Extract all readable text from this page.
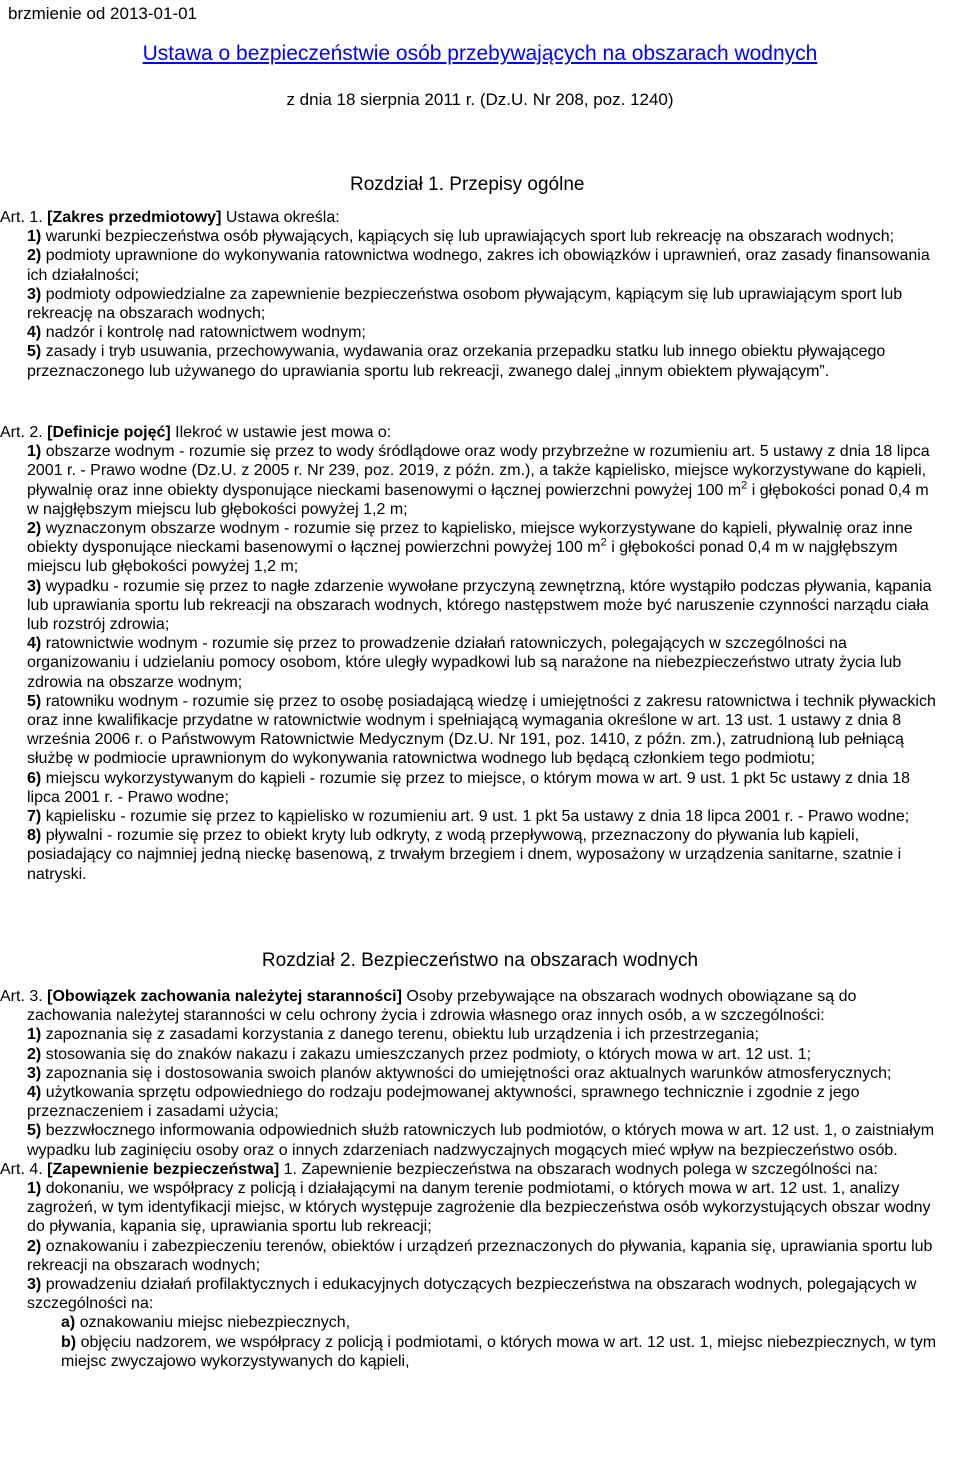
brzmienie od 2013-01-01
Ustawa o bezpieczeństwie osób przebywających na obszarach wodnych
z dnia 18 sierpnia 2011 r. (Dz.U. Nr 208, poz. 1240)
Rozdział 1. Przepisy ogólne

Art. 1. [Zakres przedmiotowy] Ustawa określa:

1) warunki bezpieczeństwa osób pływających, kąpiących się lub uprawiających sport lub rekreację na obszarach wodnych;

2) podmioty uprawnione do wykonywania ratownictwa wodnego, zakres ich obowiązków i uprawnień, oraz zasady finansowania ich działalności;

3) podmioty odpowiedzialne za zapewnienie bezpieczeństwa osobom pływającym, kąpiącym się lub uprawiającym sport lub rekreację na obszarach wodnych;

4) nadzór i kontrolę nad ratownictwem wodnym;

5) zasady i tryb usuwania, przechowywania, wydawania oraz orzekania przepadku statku lub innego obiektu pływającego przeznaczonego lub używanego do uprawiania sportu lub rekreacji, zwanego dalej „innym obiektem pływającym”.

Art. 2. [Definicje pojęć] Ilekroć w ustawie jest mowa o:

1) obszarze wodnym - rozumie się przez to wody śródlądowe oraz wody przybrzeżne w rozumieniu art. 5 ustawy z dnia 18 lipca 2001 r. - Prawo wodne (Dz.U. z 2005 r. Nr 239, poz. 2019, z późn. zm.), a także kąpielisko, miejsce wykorzystywane do kąpieli, pływalnię oraz inne obiekty dysponujące nieckami basenowymi o łącznej powierzchni powyżej 100 $m^2$ i głębokości ponad 0,4 m w najgłębszym miejscu lub głębokości powyżej 1,2 m;

2) wyznaczonym obszarze wodnym - rozumie się przez to kąpielisko, miejsce wykorzystywane do kąpieli, pływalnię oraz inne obiekty dysponujące nieckami basenowymi o łącznej powierzchni powyżej 100 $m^2$ i głębokości ponad 0,4 m w najgłębszym miejscu lub głębokości powyżej 1,2 m;

3) wypadku - rozumie się przez to nagłe zdarzenie wywołane przyczyną zewnętrzną, które wystąpiło podczas pływania, kąpania lub uprawiania sportu lub rekreacji na obszarach wodnych, którego następstwem może być naruszenie czynności narządu ciała lub rozstrój zdrowia;

4) ratownictwie wodnym - rozumie się przez to prowadzenie działań ratowniczych, polegających w szczególności na organizowaniu i udzielaniu pomocy osobom, które uległy wypadkowi lub są narażone na niebezpieczeństwo utraty życia lub zdrowia na obszarze wodnym;

5) ratowniku wodnym - rozumie się przez to osobę posiadającą wiedzę i umiejętności z zakresu ratownictwa i technik pływackich oraz inne kwalifikacje przydatne w ratownictwie wodnym i spełniającą wymagania określone w art. 13 ust. 1 ustawy z dnia 8 września 2006 r. o Państwowym Ratownictwie Medycznym (Dz.U. Nr 191, poz. 1410, z późn. zm.), zatrudnioną lub pełniącą służbę w podmiocie uprawnionym do wykonywania ratownictwa wodnego lub będącą członkiem tego podmiotu;

6) miejscu wykorzystywanym do kąpieli - rozumie się przez to miejsce, o którym mowa w art. 9 ust. 1 pkt 5c ustawy z dnia 18 lipca 2001 r. - Prawo wodne;

7) kąpielisku - rozumie się przez to kąpielisko w rozumieniu art. 9 ust. 1 pkt 5a ustawy z dnia 18 lipca 2001 r. - Prawo wodne;

8) pływalni - rozumie się przez to obiekt kryty lub odkryty, z wodą przepływową, przeznaczony do pływania lub kąpieli, posiadający co najmniej jedną nieckę basenową, z trwałym brzegiem i dnem, wyposażony w urządzenia sanitarne, szatnie i natryski.

Rozdział 2. Bezpieczeństwo na obszarach wodnych

Art. 3. [Obowiązek zachowania należytej staranności] Osoby przebywające na obszarach wodnych obowiązane są do zachowania należytej staranności w celu ochrony życia i zdrowia własnego oraz innych osób, a w szczególności:

1) zapoznania się z zasadami korzystania z danego terenu, obiektu lub urządzenia i ich przestrzegania;

2) stosowania się do znaków nakazu i zakazu umieszczanych przez podmioty, o których mowa w art. 12 ust. 1;

3) zapoznania się i dostosowania swoich planów aktywności do umiejętności oraz aktualnych warunków atmosferycznych;

4) użytkowania sprzętu odpowiedniego do rodzaju podejmowanej aktywności, sprawnego technicznie i zgodnie z jego przeznaczeniem i zasadami użycia;

5) bezzwłocznego informowania odpowiednich służb ratowniczych lub podmiotów, o których mowa w art. 12 ust. 1, o zaistniałym wypadku lub zaginięciu osoby oraz o innych zdarzeniach nadzwyczajnych mogących mieć wpływ na bezpieczeństwo osób.

Art. 4. [Zapewnienie bezpieczeństwa] 1. Zapewnienie bezpieczeństwa na obszarach wodnych polega w szczególności na:

1) dokonaniu, we współpracy z policją i działającymi na danym terenie podmiotami, o których mowa w art. 12 ust. 1, analizy zagrożeń, w tym identyfikacji miejsc, w których występuje zagrożenie dla bezpieczeństwa osób wykorzystujących obszar wodny do pływania, kąpania się, uprawiania sportu lub rekreacji;

2) oznakowaniu i zabezpieczeniu terenów, obiektów i urządzeń przeznaczonych do pływania, kąpania się, uprawiania sportu lub rekreacji na obszarach wodnych;

3) prowadzeniu działań profilaktycznych i edukacyjnych dotyczących bezpieczeństwa na obszarach wodnych, polegających w szczególności na:

a) oznakowaniu miejsc niebezpiecznych,

b) objęciu nadzorem, we współpracy z policją i podmiotami, o których mowa w art. 12 ust. 1, miejsc niebezpiecznych, w tym miejsc zwyczajowo wykorzystywanych do kąpieli,
